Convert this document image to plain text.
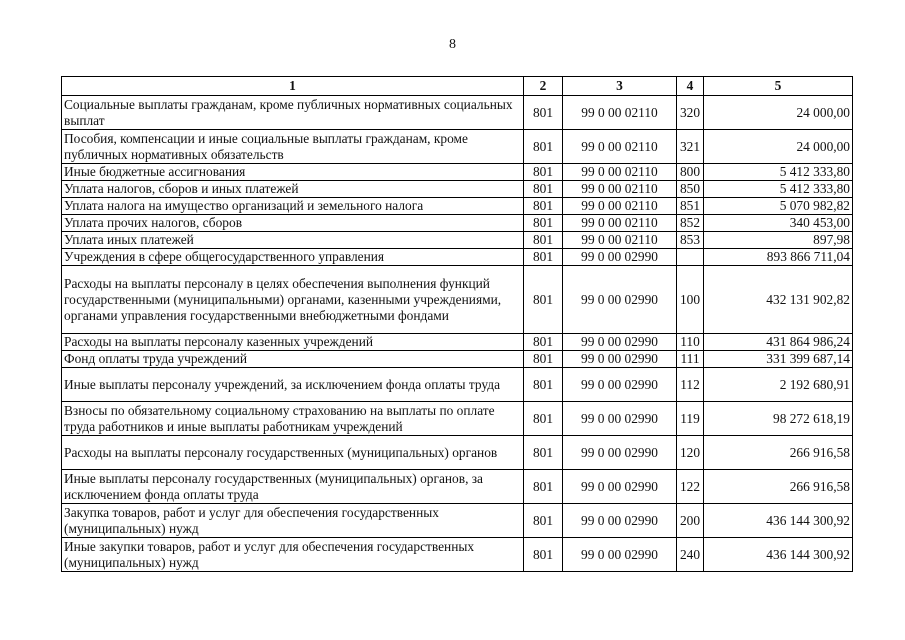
8
1	2	3	4	5
Социальные выплаты гражданам, кроме публичных нормативных социальных выплат	801	99 0 00 02110	320	24 000,00
Пособия, компенсации и иные социальные выплаты гражданам, кроме публичных нормативных обязательств	801	99 0 00 02110	321	24 000,00
Иные бюджетные ассигнования	801	99 0 00 02110	800	5 412 333,80
Уплата налогов, сборов и иных платежей	801	99 0 00 02110	850	5 412 333,80
Уплата налога на имущество организаций и земельного налога	801	99 0 00 02110	851	5 070 982,82
Уплата прочих налогов, сборов	801	99 0 00 02110	852	340 453,00
Уплата иных платежей	801	99 0 00 02110	853	897,98
Учреждения в сфере общегосударственного управления	801	99 0 00 02990		893 866 711,04
Расходы на выплаты персоналу в целях обеспечения выполнения функций государственными (муниципальными) органами, казенными учреждениями, органами управления государственными внебюджетными фондами	801	99 0 00 02990	100	432 131 902,82
Расходы на выплаты персоналу казенных учреждений	801	99 0 00 02990	110	431 864 986,24
Фонд оплаты труда учреждений	801	99 0 00 02990	111	331 399 687,14
Иные выплаты персоналу учреждений, за исключением фонда оплаты труда	801	99 0 00 02990	112	2 192 680,91
Взносы по обязательному социальному страхованию на выплаты по оплате труда работников и иные выплаты работникам учреждений	801	99 0 00 02990	119	98 272 618,19
Расходы на выплаты персоналу государственных (муниципальных) органов	801	99 0 00 02990	120	266 916,58
Иные выплаты персоналу государственных (муниципальных) органов, за исключением фонда оплаты труда	801	99 0 00 02990	122	266 916,58
Закупка товаров, работ и услуг для обеспечения государственных (муниципальных) нужд	801	99 0 00 02990	200	436 144 300,92
Иные закупки товаров, работ и услуг для обеспечения государственных (муниципальных) нужд	801	99 0 00 02990	240	436 144 300,92
